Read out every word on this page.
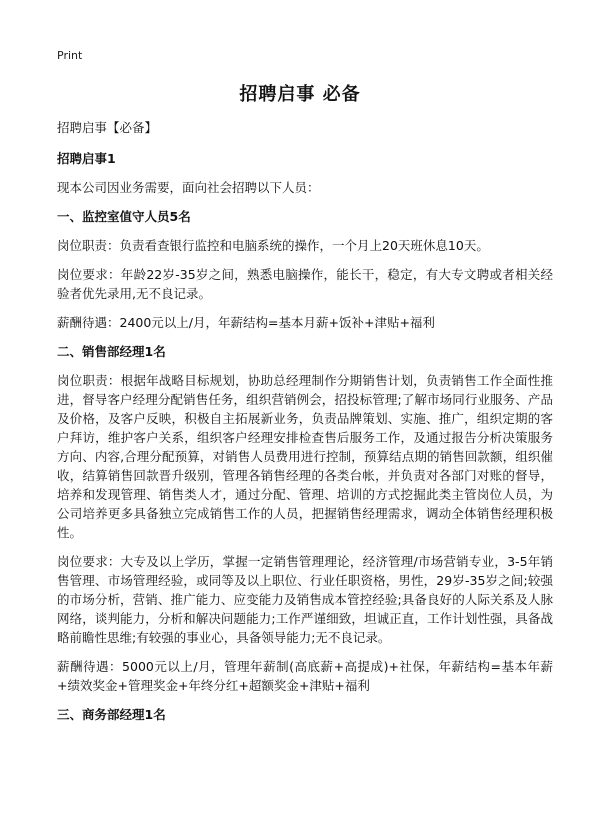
Print
招聘启事 必备

招聘启事【必备】

招聘启事1

现本公司因业务需要，面向社会招聘以下人员：

一、监控室值守人员5名

岗位职责：负责看查银行监控和电脑系统的操作，一个月上20天班休息10天。

岗位要求：年龄22岁-35岁之间，熟悉电脑操作，能长干，稳定，有大专文聘或者相关经验者优先录用,无不良记录。

薪酬待遇：2400元以上/月，年薪结构=基本月薪+饭补+津贴+福利

二、销售部经理1名

岗位职责：根据年战略目标规划，协助总经理制作分期销售计划，负责销售工作全面性推进，督导客户经理分配销售任务，组织营销例会，招投标管理;了解市场同行业服务、产品及价格，及客户反映，积极自主拓展新业务，负责品牌策划、实施、推广，组织定期的客户拜访，维护客户关系，组织客户经理安排检查售后服务工作，及通过报告分析决策服务方向、内容,合理分配预算，对销售人员费用进行控制，预算结点期的销售回款额，组织催收，结算销售回款晋升级别，管理各销售经理的各类台帐，并负责对各部门对账的督导，培养和发现管理、销售类人才，通过分配、管理、培训的方式挖掘此类主管岗位人员，为公司培养更多具备独立完成销售工作的人员，把握销售经理需求，调动全体销售经理积极性。

岗位要求：大专及以上学历，掌握一定销售管理理论，经济管理/市场营销专业，3-5年销售管理、市场管理经验，或同等及以上职位、行业任职资格，男性，29岁-35岁之间;较强的市场分析，营销、推广能力、应变能力及销售成本管控经验;具备良好的人际关系及人脉网络，谈判能力，分析和解决问题能力;工作严谨细致，坦诚正直，工作计划性强，具备战略前瞻性思维;有较强的事业心，具备领导能力;无不良记录。

薪酬待遇：5000元以上/月，管理年薪制(高底薪+高提成)+社保，年薪结构=基本年薪+绩效奖金+管理奖金+年终分红+超额奖金+津贴+福利

三、商务部经理1名
